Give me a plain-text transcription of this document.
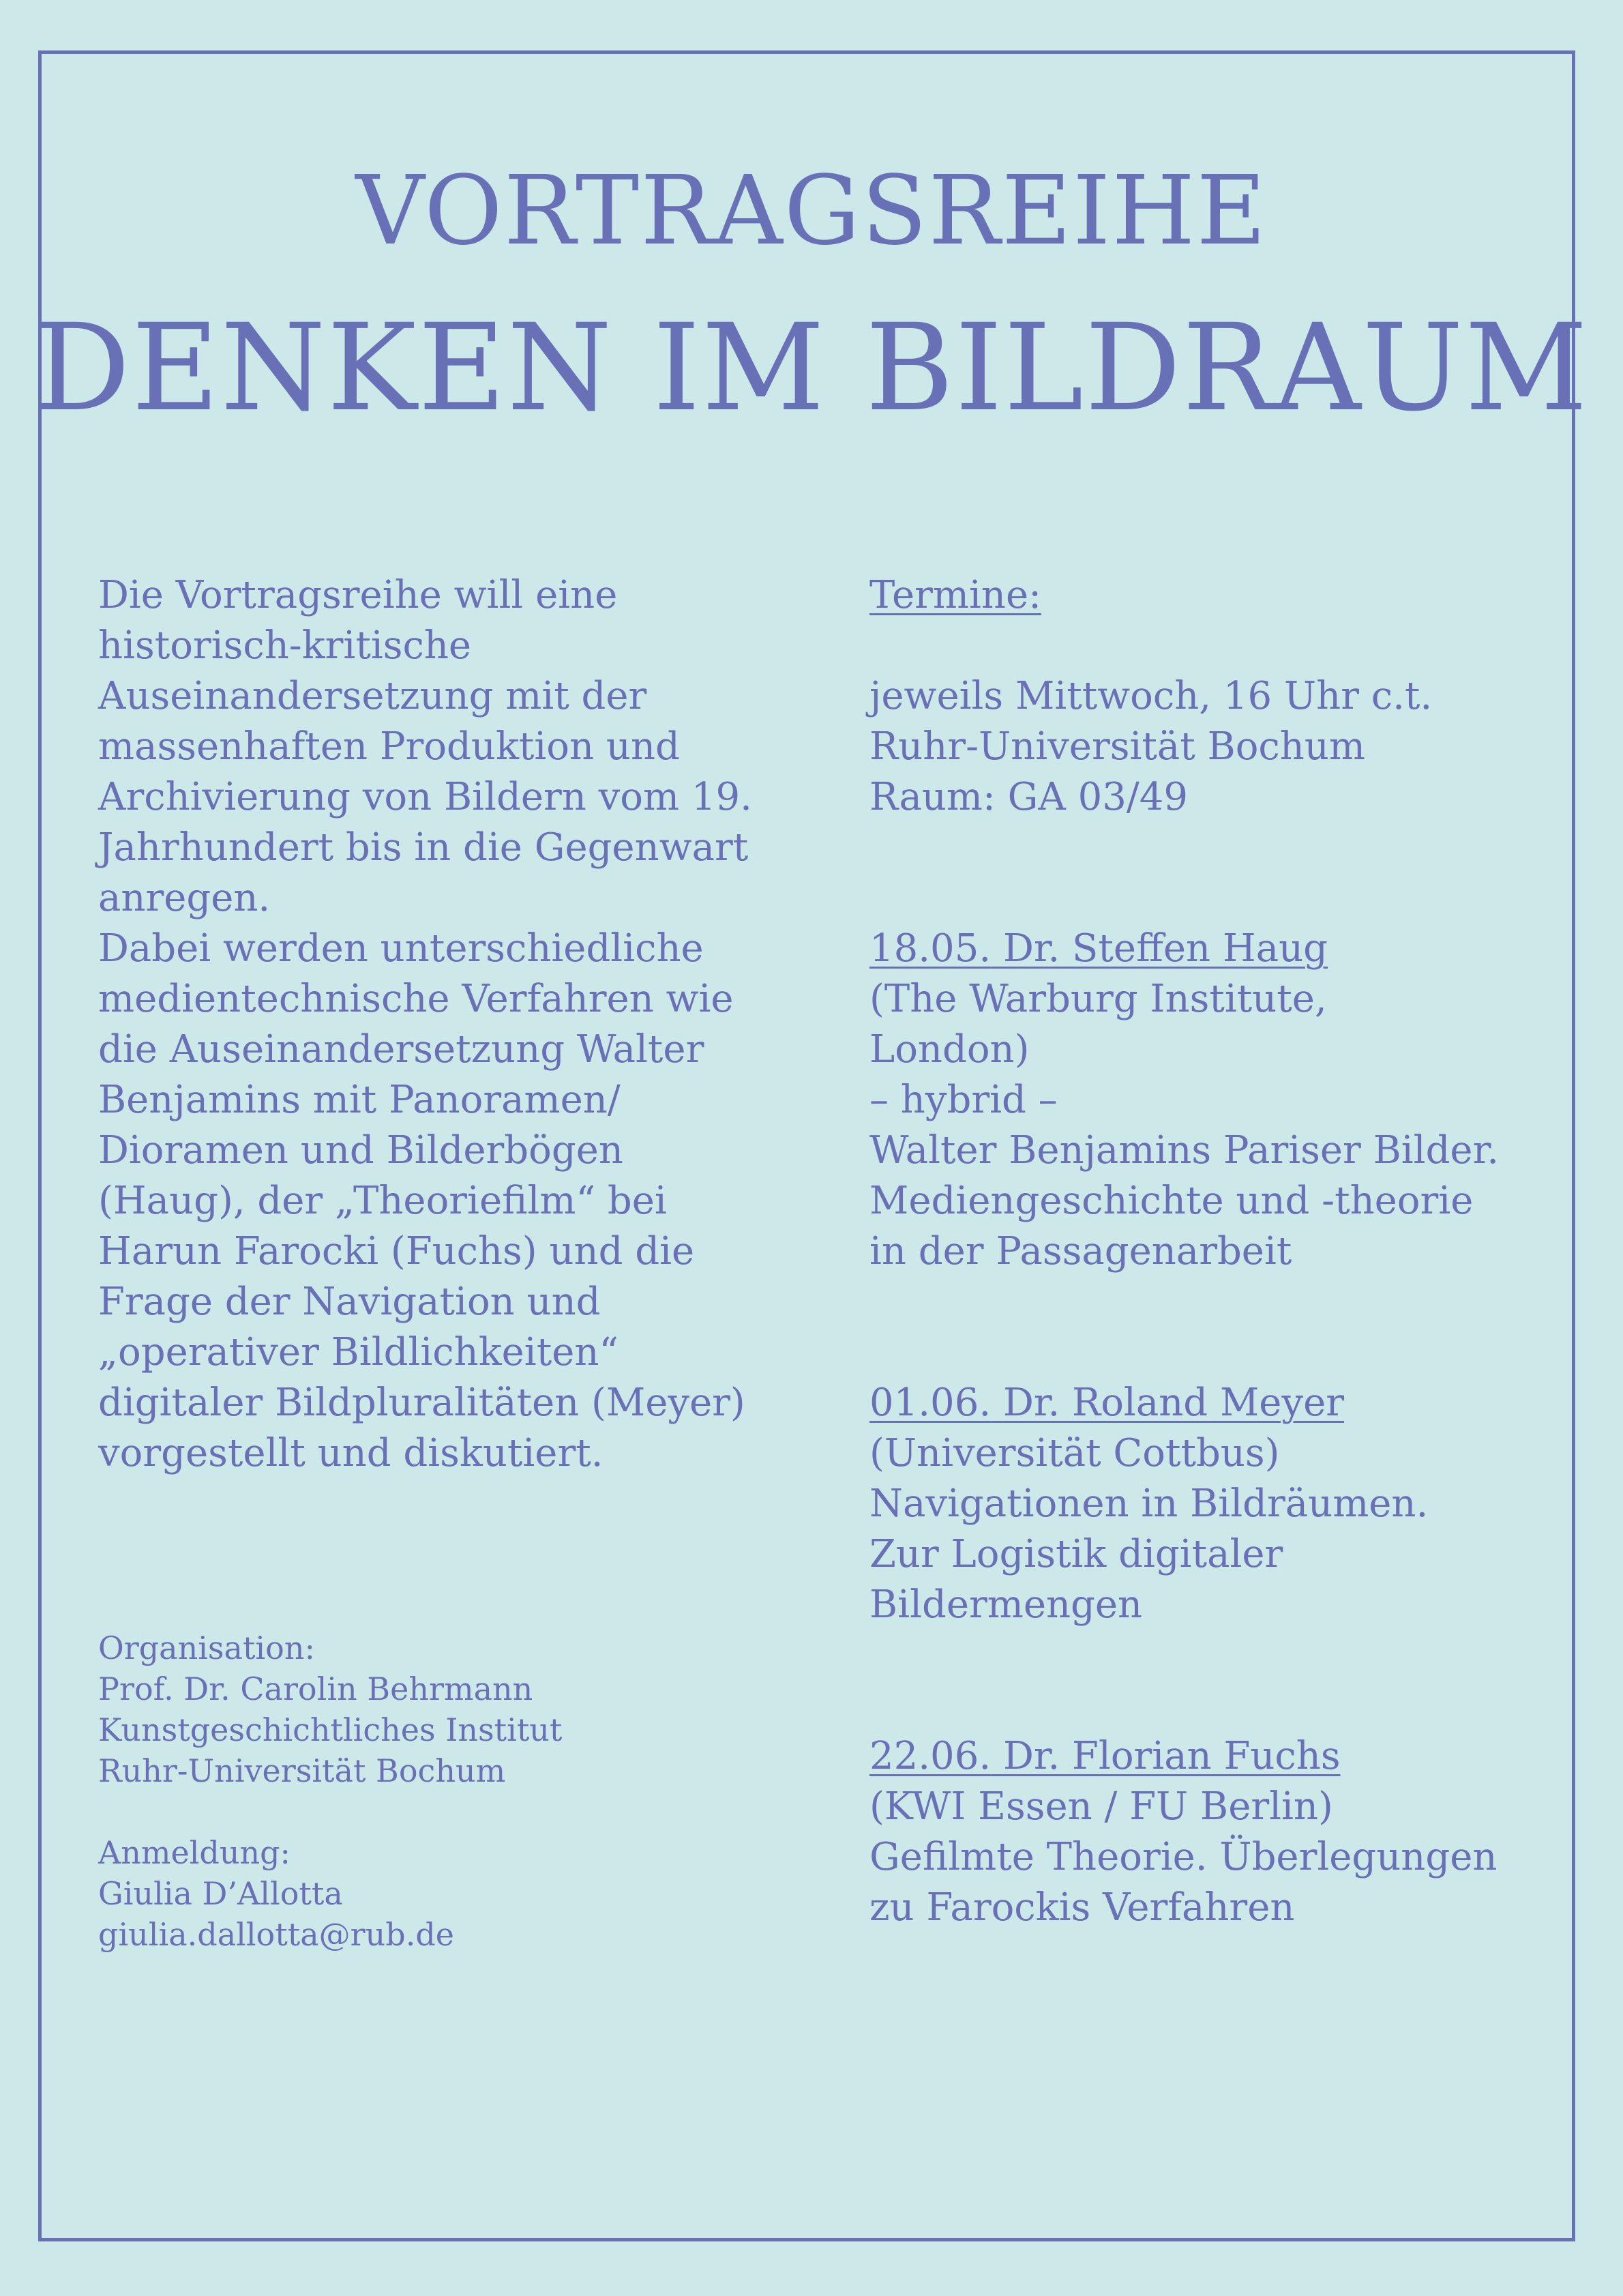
VORTRAGSREIHE
DENKEN IM BILDRAUM
Die Vortragsreihe will eine
historisch-kritische
Auseinandersetzung mit der
massenhaften Produktion und
Archivierung von Bildern vom 19.
Jahrhundert bis in die Gegenwart
anregen.
Dabei werden unterschiedliche
medientechnische Verfahren wie
die Auseinandersetzung Walter
Benjamins mit Panoramen/
Dioramen und Bilderbögen
(Haug), der „Theoriefilm“ bei
Harun Farocki (Fuchs) und die
Frage der Navigation und
„operativer Bildlichkeiten“
digitaler Bildpluralitäten (Meyer)
vorgestellt und diskutiert.
Organisation:
Prof. Dr. Carolin Behrmann
Kunstgeschichtliches Institut
Ruhr-Universität Bochum
Anmeldung:
Giulia D’Allotta
giulia.dallotta@rub.de
Termine:
jeweils Mittwoch, 16 Uhr c.t.
Ruhr-Universität Bochum
Raum: GA 03/49
18.05. Dr. Steffen Haug
(The Warburg Institute,
London)
– hybrid –
Walter Benjamins Pariser Bilder.
Mediengeschichte und -theorie
in der Passagenarbeit
01.06. Dr. Roland Meyer
(Universität Cottbus)
Navigationen in Bildräumen.
Zur Logistik digitaler
Bildermengen
22.06. Dr. Florian Fuchs
(KWI Essen / FU Berlin)
Gefilmte Theorie. Überlegungen
zu Farockis Verfahren
